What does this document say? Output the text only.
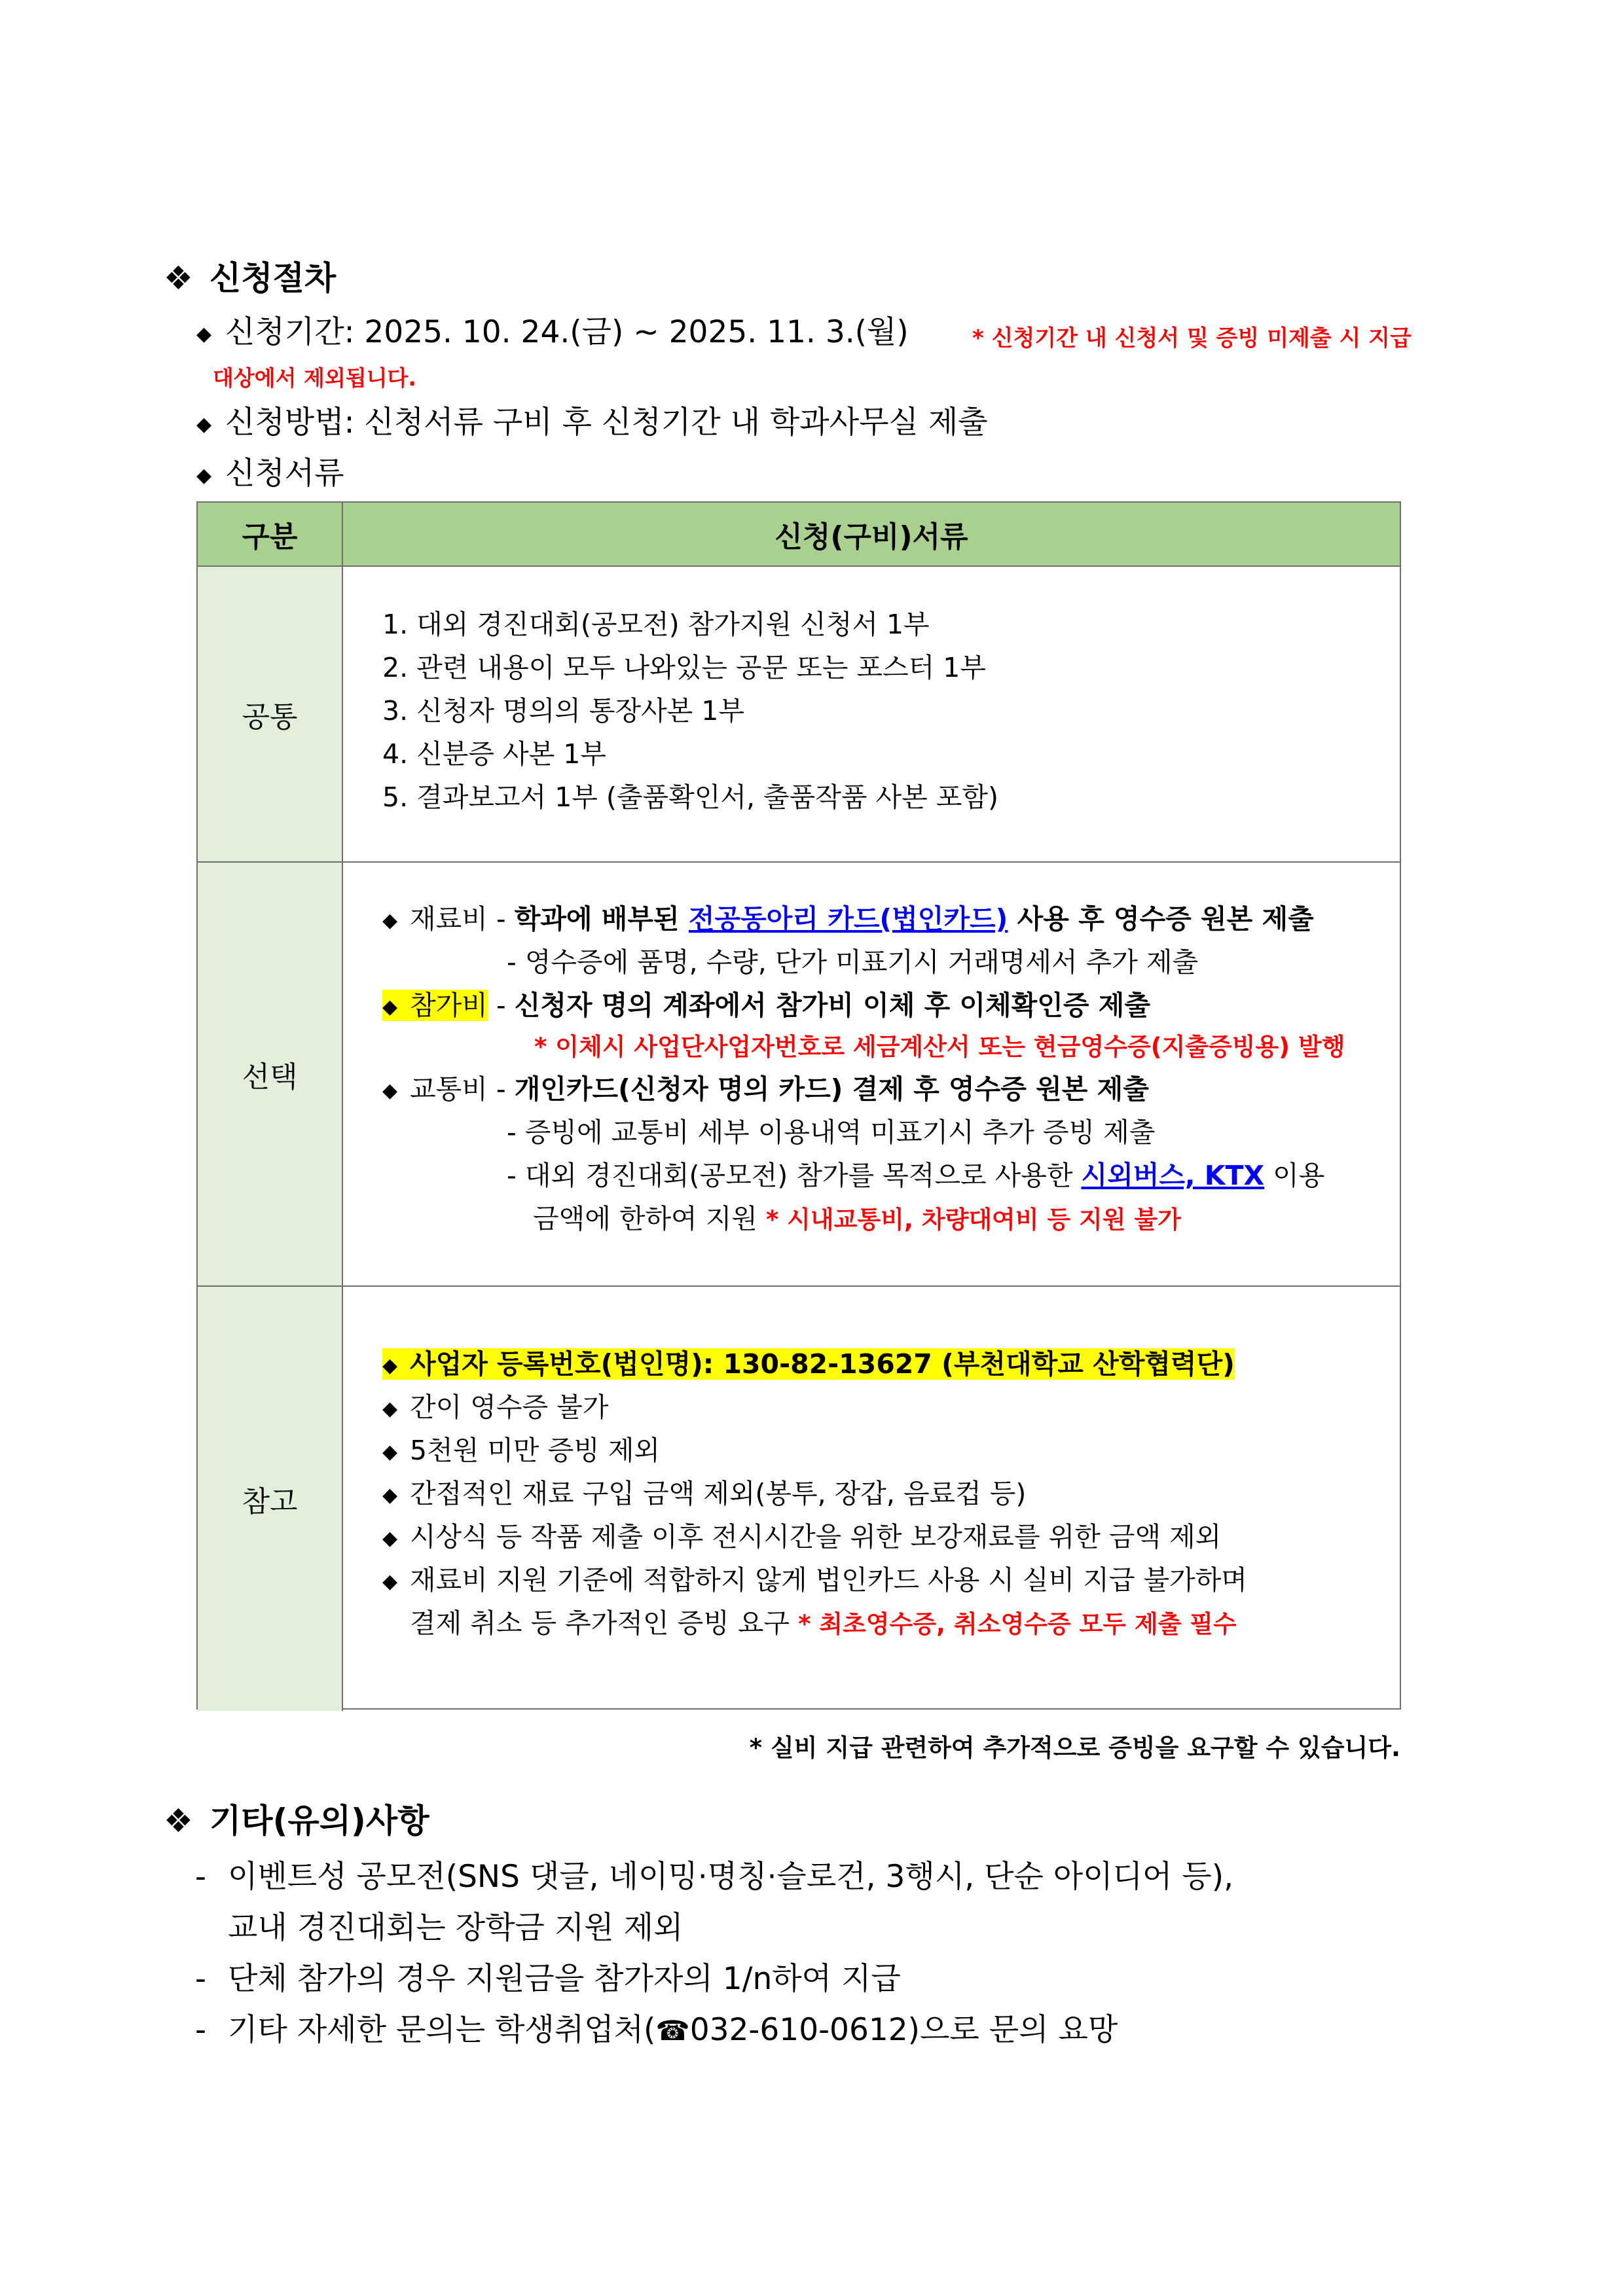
❖ 신청절차
◆ 신청기간: 2025. 10. 24.(금) ~ 2025. 11. 3.(월)	* 신청기간 내 신청서 및 증빙 미제출 시 지급
대상에서 제외됩니다.
◆ 신청방법: 신청서류 구비 후 신청기간 내 학과사무실 제출
◆ 신청서류
구분	신청(구비)서류
공통
1. 대외 경진대회(공모전) 참가지원 신청서 1부
2. 관련 내용이 모두 나와있는 공문 또는 포스터 1부
3. 신청자 명의의 통장사본 1부
4. 신분증 사본 1부
5. 결과보고서 1부 (출품확인서, 출품작품 사본 포함)
선택
◆ 재료비 - 학과에 배부된 전공동아리 카드(법인카드) 사용 후 영수증 원본 제출
- 영수증에 품명, 수량, 단가 미표기시 거래명세서 추가 제출
◆ 참가비 - 신청자 명의 계좌에서 참가비 이체 후 이체확인증 제출
* 이체시 사업단사업자번호로 세금계산서 또는 현금영수증(지출증빙용) 발행
◆ 교통비 - 개인카드(신청자 명의 카드) 결제 후 영수증 원본 제출
- 증빙에 교통비 세부 이용내역 미표기시 추가 증빙 제출
- 대외 경진대회(공모전) 참가를 목적으로 사용한 시외버스, KTX 이용
금액에 한하여 지원 * 시내교통비, 차량대여비 등 지원 불가
참고
◆ 사업자 등록번호(법인명): 130-82-13627 (부천대학교 산학협력단)
◆ 간이 영수증 불가
◆ 5천원 미만 증빙 제외
◆ 간접적인 재료 구입 금액 제외(봉투, 장갑, 음료컵 등)
◆ 시상식 등 작품 제출 이후 전시시간을 위한 보강재료를 위한 금액 제외
◆ 재료비 지원 기준에 적합하지 않게 법인카드 사용 시 실비 지급 불가하며
결제 취소 등 추가적인 증빙 요구 * 최초영수증, 취소영수증 모두 제출 필수
* 실비 지급 관련하여 추가적으로 증빙을 요구할 수 있습니다.
❖ 기타(유의)사항
- 이벤트성 공모전(SNS 댓글, 네이밍·명칭·슬로건, 3행시, 단순 아이디어 등),
교내 경진대회는 장학금 지원 제외
- 단체 참가의 경우 지원금을 참가자의 1/n하여 지급
- 기타 자세한 문의는 학생취업처(☎032-610-0612)으로 문의 요망
